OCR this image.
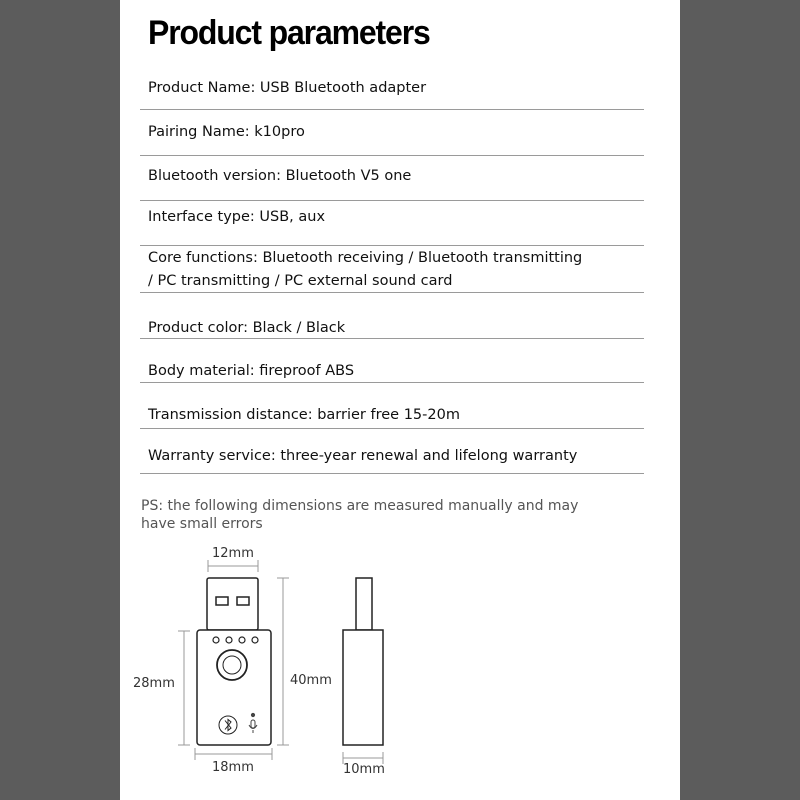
Product parameters
Product Name: USB Bluetooth adapter
Pairing Name: k10pro
Bluetooth version: Bluetooth V5 one
Interface type: USB, aux
Core functions: Bluetooth receiving / Bluetooth transmitting
/ PC transmitting / PC external sound card
Product color: Black / Black
Body material: fireproof ABS
Transmission distance: barrier free 15-20m
Warranty service: three-year renewal and lifelong warranty
PS: the following dimensions are measured manually and may have small errors
12mm
28mm	40mm
18mm	10mm
